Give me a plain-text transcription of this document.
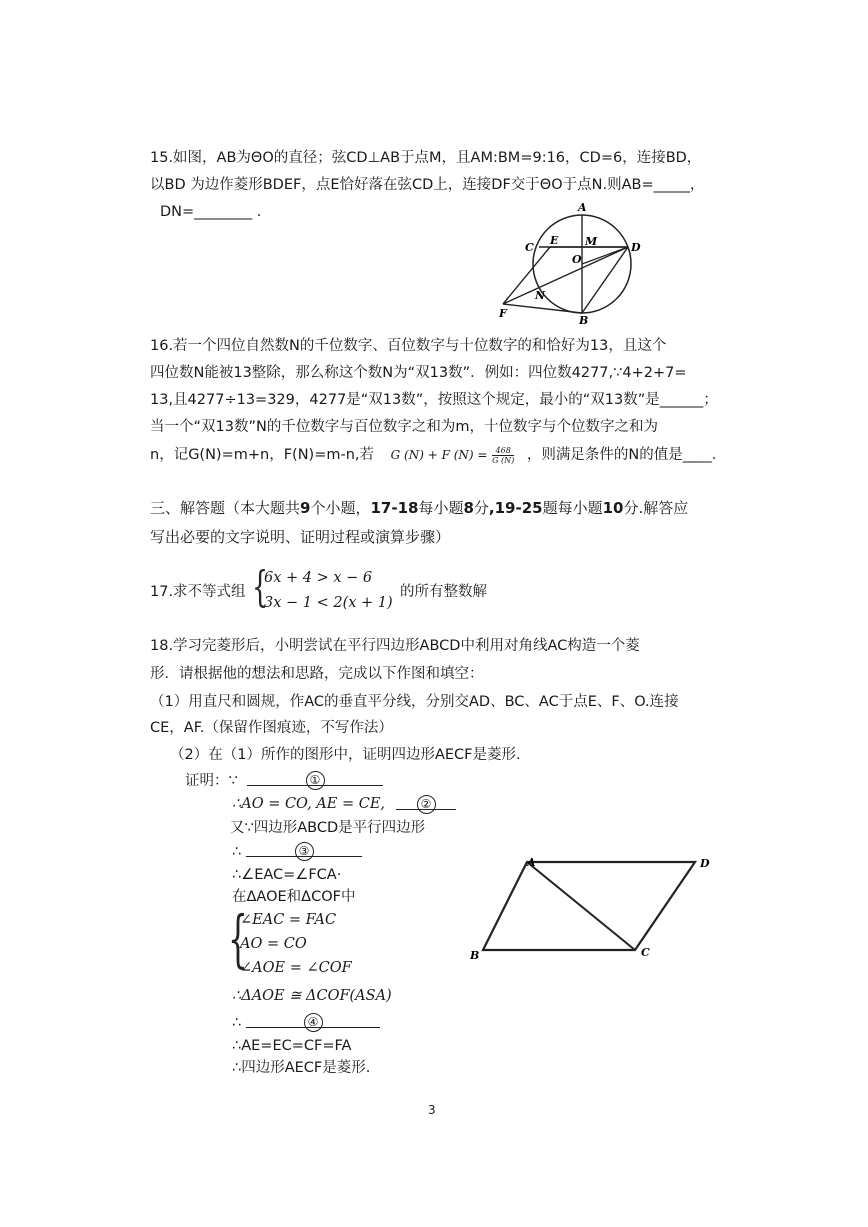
15.如图，AB为ΘO的直径；弦CD⊥AB于点M，且AM:BM=9:16，CD=6，连接BD，
以BD 为边作菱形BDEF，点E恰好落在弦CD上，连接DF交于ΘO于点N.则AB=_____，
DN=________ .	A
C
E M	D
O
N
F
B
16.若一个四位自然数N的千位数字、百位数字与十位数字的和恰好为13，且这个
四位数N能被13整除，那么称这个数N为“双13数”．例如：四位数4277,∵4+2+7=
13,且4277÷13=329，4277是“双13数”，按照这个规定，最小的“双13数”是______；
当一个“双13数”N的千位数字与百位数字之和为m，十位数字与个位数字之和为
n，记G(N)=m+n，F(N)=m-n,若 G (N) + F $(N) = \frac{468}{G (N)}$ ，则满足条件的N的值是____.
三、解答题（本大题共9个小题，17-18每小题8分,19-25题每小题10分.解答应
写出必要的文字说明、证明过程或演算步骤）
17.求不等式组 {
6x + 4 > x − 6
3x − 1 < 2(x + 1)
的所有整数解
18.学习完菱形后，小明尝试在平行四边形ABCD中利用对角线AC构造一个菱
形．请根据他的想法和思路，完成以下作图和填空：
（1）用直尺和圆规，作AC的垂直平分线，分别交AD、BC、AC于点E、F、O.连接
CE，AF.（保留作图痕迹，不写作法）
（2）在（1）所作的图形中，证明四边形AECF是菱形.
证明：∵	①
∴AO = CO, AE = CE,	②
又∵四边形ABCD是平行四边形
∴	③
∴∠EAC=∠FCA·
在ΔAOE和ΔCOF中
{
∠EAC = FAC
AO = CO
∠AOE = ∠COF
∴ΔAOE ≅ ΔCOF(ASA)
∴	④
∴AE=EC=CF=FA
∴四边形AECF是菱形.
A	D
B	C
3
